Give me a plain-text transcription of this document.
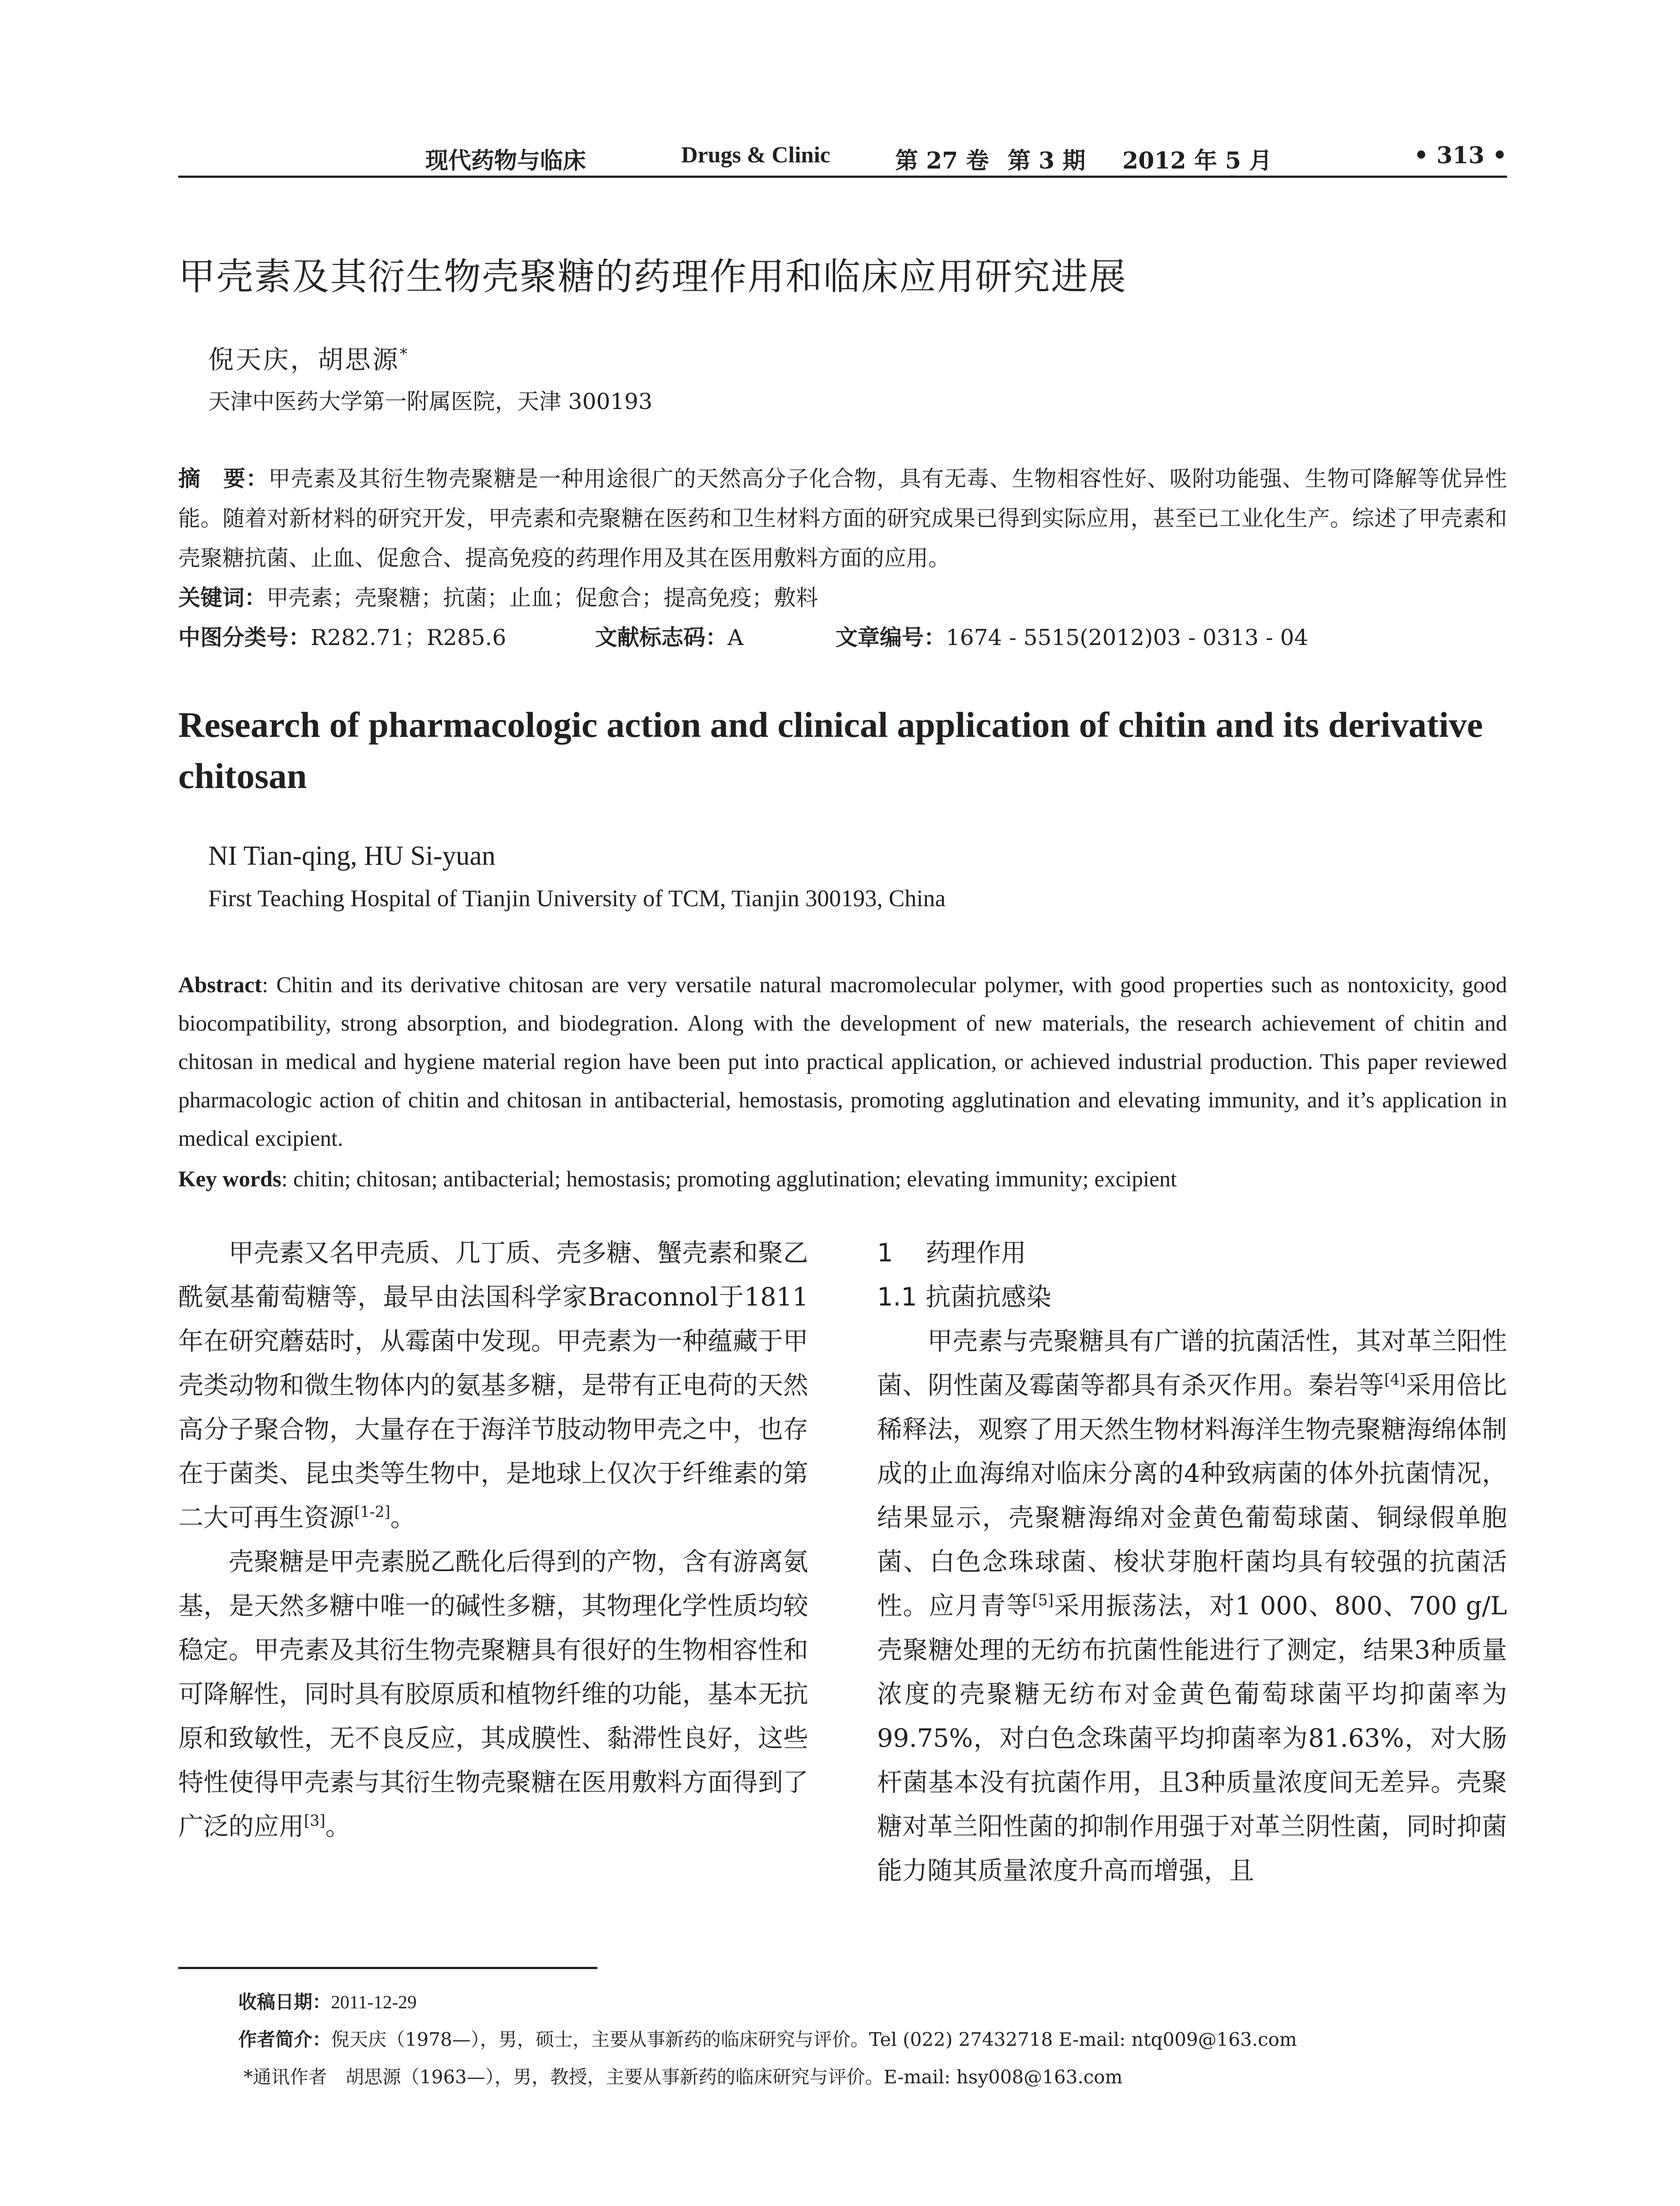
现代药物与临床	Drugs & Clinic	第 27 卷 第 3 期 2012 年 5 月	• 313 •
甲壳素及其衍生物壳聚糖的药理作用和临床应用研究进展
倪天庆，胡思源*
天津中医药大学第一附属医院，天津 300193
摘　要：甲壳素及其衍生物壳聚糖是一种用途很广的天然高分子化合物，具有无毒、生物相容性好、吸附功能强、生物可降解等优异性能。随着对新材料的研究开发，甲壳素和壳聚糖在医药和卫生材料方面的研究成果已得到实际应用，甚至已工业化生产。综述了甲壳素和壳聚糖抗菌、止血、促愈合、提高免疫的药理作用及其在医用敷料方面的应用。
关键词：甲壳素；壳聚糖；抗菌；止血；促愈合；提高免疫；敷料
中图分类号： R282.71；R285.6	文献标志码： A	文章编号： 1674 - 5515(2012)03 - 0313 - 04
Research of pharmacologic action and clinical application of chitin and its derivative chitosan
NI Tian-qing, HU Si-yuan
First Teaching Hospital of Tianjin University of TCM, Tianjin 300193, China
Abstract: Chitin and its derivative chitosan are very versatile natural macromolecular polymer, with good properties such as nontoxicity, good biocompatibility, strong absorption, and biodegration. Along with the development of new materials, the research achievement of chitin and chitosan in medical and hygiene material region have been put into practical application, or achieved industrial production. This paper reviewed pharmacologic action of chitin and chitosan in antibacterial, hemostasis, promoting agglutination and elevating immunity, and it’s application in medical excipient.
Key words: chitin; chitosan; antibacterial; hemostasis; promoting agglutination; elevating immunity; excipient

甲壳素又名甲壳质、几丁质、壳多糖、蟹壳素和聚乙酰氨基葡萄糖等，最早由法国科学家Braconnol于1811年在研究蘑菇时，从霉菌中发现。甲壳素为一种蕴藏于甲壳类动物和微生物体内的氨基多糖，是带有正电荷的天然高分子聚合物，大量存在于海洋节肢动物甲壳之中，也存在于菌类、昆虫类等生物中，是地球上仅次于纤维素的第二大可再生资源[1-2]。

壳聚糖是甲壳素脱乙酰化后得到的产物，含有游离氨基，是天然多糖中唯一的碱性多糖，其物理化学性质均较稳定。甲壳素及其衍生物壳聚糖具有很好的生物相容性和可降解性，同时具有胶原质和植物纤维的功能，基本无抗原和致敏性，无不良反应，其成膜性、黏滞性良好，这些特性使得甲壳素与其衍生物壳聚糖在医用敷料方面得到了广泛的应用[3]。

1 药理作用
1.1 抗菌抗感染

甲壳素与壳聚糖具有广谱的抗菌活性，其对革兰阳性菌、阴性菌及霉菌等都具有杀灭作用。秦岩等[4]采用倍比稀释法，观察了用天然生物材料海洋生物壳聚糖海绵体制成的止血海绵对临床分离的4种致病菌的体外抗菌情况，结果显示，壳聚糖海绵对金黄色葡萄球菌、铜绿假单胞菌、白色念珠球菌、梭状芽胞杆菌均具有较强的抗菌活性。应月青等[5]采用振荡法，对1 000、800、700 g/L壳聚糖处理的无纺布抗菌性能进行了测定，结果3种质量浓度的壳聚糖无纺布对金黄色葡萄球菌平均抑菌率为99.75%，对白色念珠菌平均抑菌率为81.63%，对大肠杆菌基本没有抗菌作用，且3种质量浓度间无差异。壳聚糖对革兰阳性菌的抑制作用强于对革兰阴性菌，同时抑菌能力随其质量浓度升高而增强，且

收稿日期：2011-12-29
作者简介：倪天庆（1978—），男，硕士，主要从事新药的临床研究与评价。Tel (022) 27432718 E-mail: ntq009@163.com
*通讯作者　胡思源（1963—），男，教授，主要从事新药的临床研究与评价。E-mail: hsy008@163.com
